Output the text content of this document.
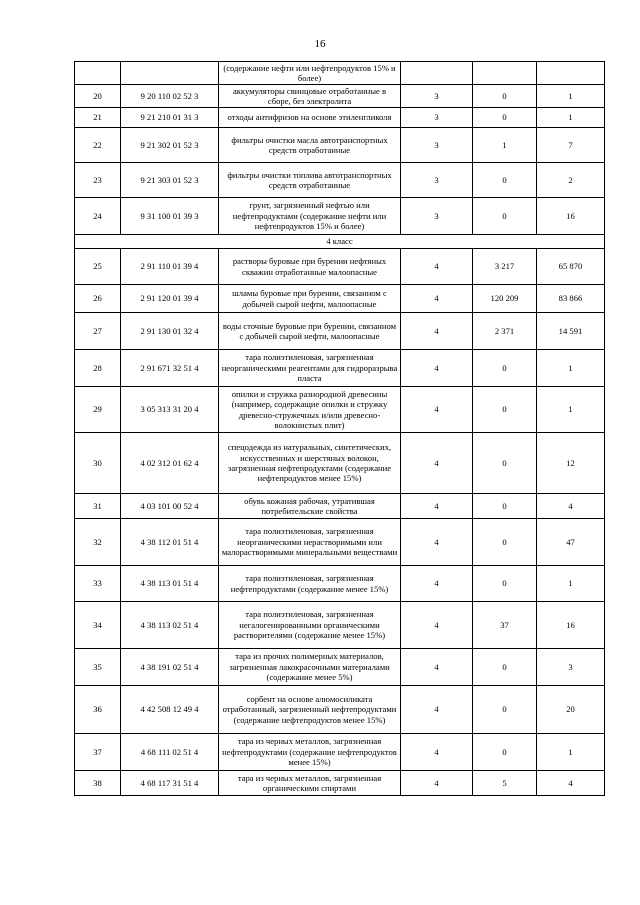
16
		(содержание нефти или нефтепродуктов 15% и более)			
20	9 20 110 02 52 3	аккумуляторы свинцовые отработанные в сборе, без электролита	3	0	1
21	9 21 210 01 31 3	отходы антифризов на основе этиленгликоля	3	0	1
22	9 21 302 01 52 3	фильтры очистки масла автотранспортных средств отработанные	3	1	7
23	9 21 303 01 52 3	фильтры очистки топлива автотранспортных средств отработанные	3	0	2
24	9 31 100 01 39 3	грунт, загрязненный нефтью или нефтепродуктами (содержание нефти или нефтепродуктов 15% и более)	3	0	16
4 класс					
25	2 91 110 01 39 4	растворы буровые при бурении нефтяных скважин отработанные малоопасные	4	3 217	65 870
26	2 91 120 01 39 4	шламы буровые при бурении, связанном с добычей сырой нефти, малоопасные	4	120 209	83 866
27	2 91 130 01 32 4	воды сточные буровые при бурении, связанном с добычей сырой нефти, малоопасные	4	2 371	14 591
28	2 91 671 32 51 4	тара полиэтиленовая, загрязненная неорганическими реагентами для гидроразрыва пласта	4	0	1
29	3 05 313 31 20 4	опилки и стружка разнородной древесины (например, содержащие опилки и стружку древесно-стружечных и/или древесно-волокнистых плит)	4	0	1
30	4 02 312 01 62 4	спецодежда из натуральных, синтетических, искусственных и шерстяных волокон, загрязненная нефтепродуктами (содержание нефтепродуктов менее 15%)	4	0	12
31	4 03 101 00 52 4	обувь кожаная рабочая, утратившая потребительские свойства	4	0	4
32	4 38 112 01 51 4	тара полиэтиленовая, загрязненная неорганическими нерастворимыми или малорастворимыми минеральными веществами	4	0	47
33	4 38 113 01 51 4	тара полиэтиленовая, загрязненная нефтепродуктами (содержание менее 15%)	4	0	1
34	4 38 113 02 51 4	тара полиэтиленовая, загрязненная негалогенированными органическими растворителями (содержание менее 15%)	4	37	16
35	4 38 191 02 51 4	тара из прочих полимерных материалов, загрязненная лакокрасочными материалами (содержание менее 5%)	4	0	3
36	4 42 508 12 49 4	сорбент на основе алюмосиликата отработанный, загрязненный нефтепродуктами (содержание нефтепродуктов менее 15%)	4	0	20
37	4 68 111 02 51 4	тара из черных металлов, загрязненная нефтепродуктами (содержание нефтепродуктов менее 15%)	4	0	1
38	4 68 117 31 51 4	тара из черных металлов, загрязненная органическими спиртами	4	5	4
